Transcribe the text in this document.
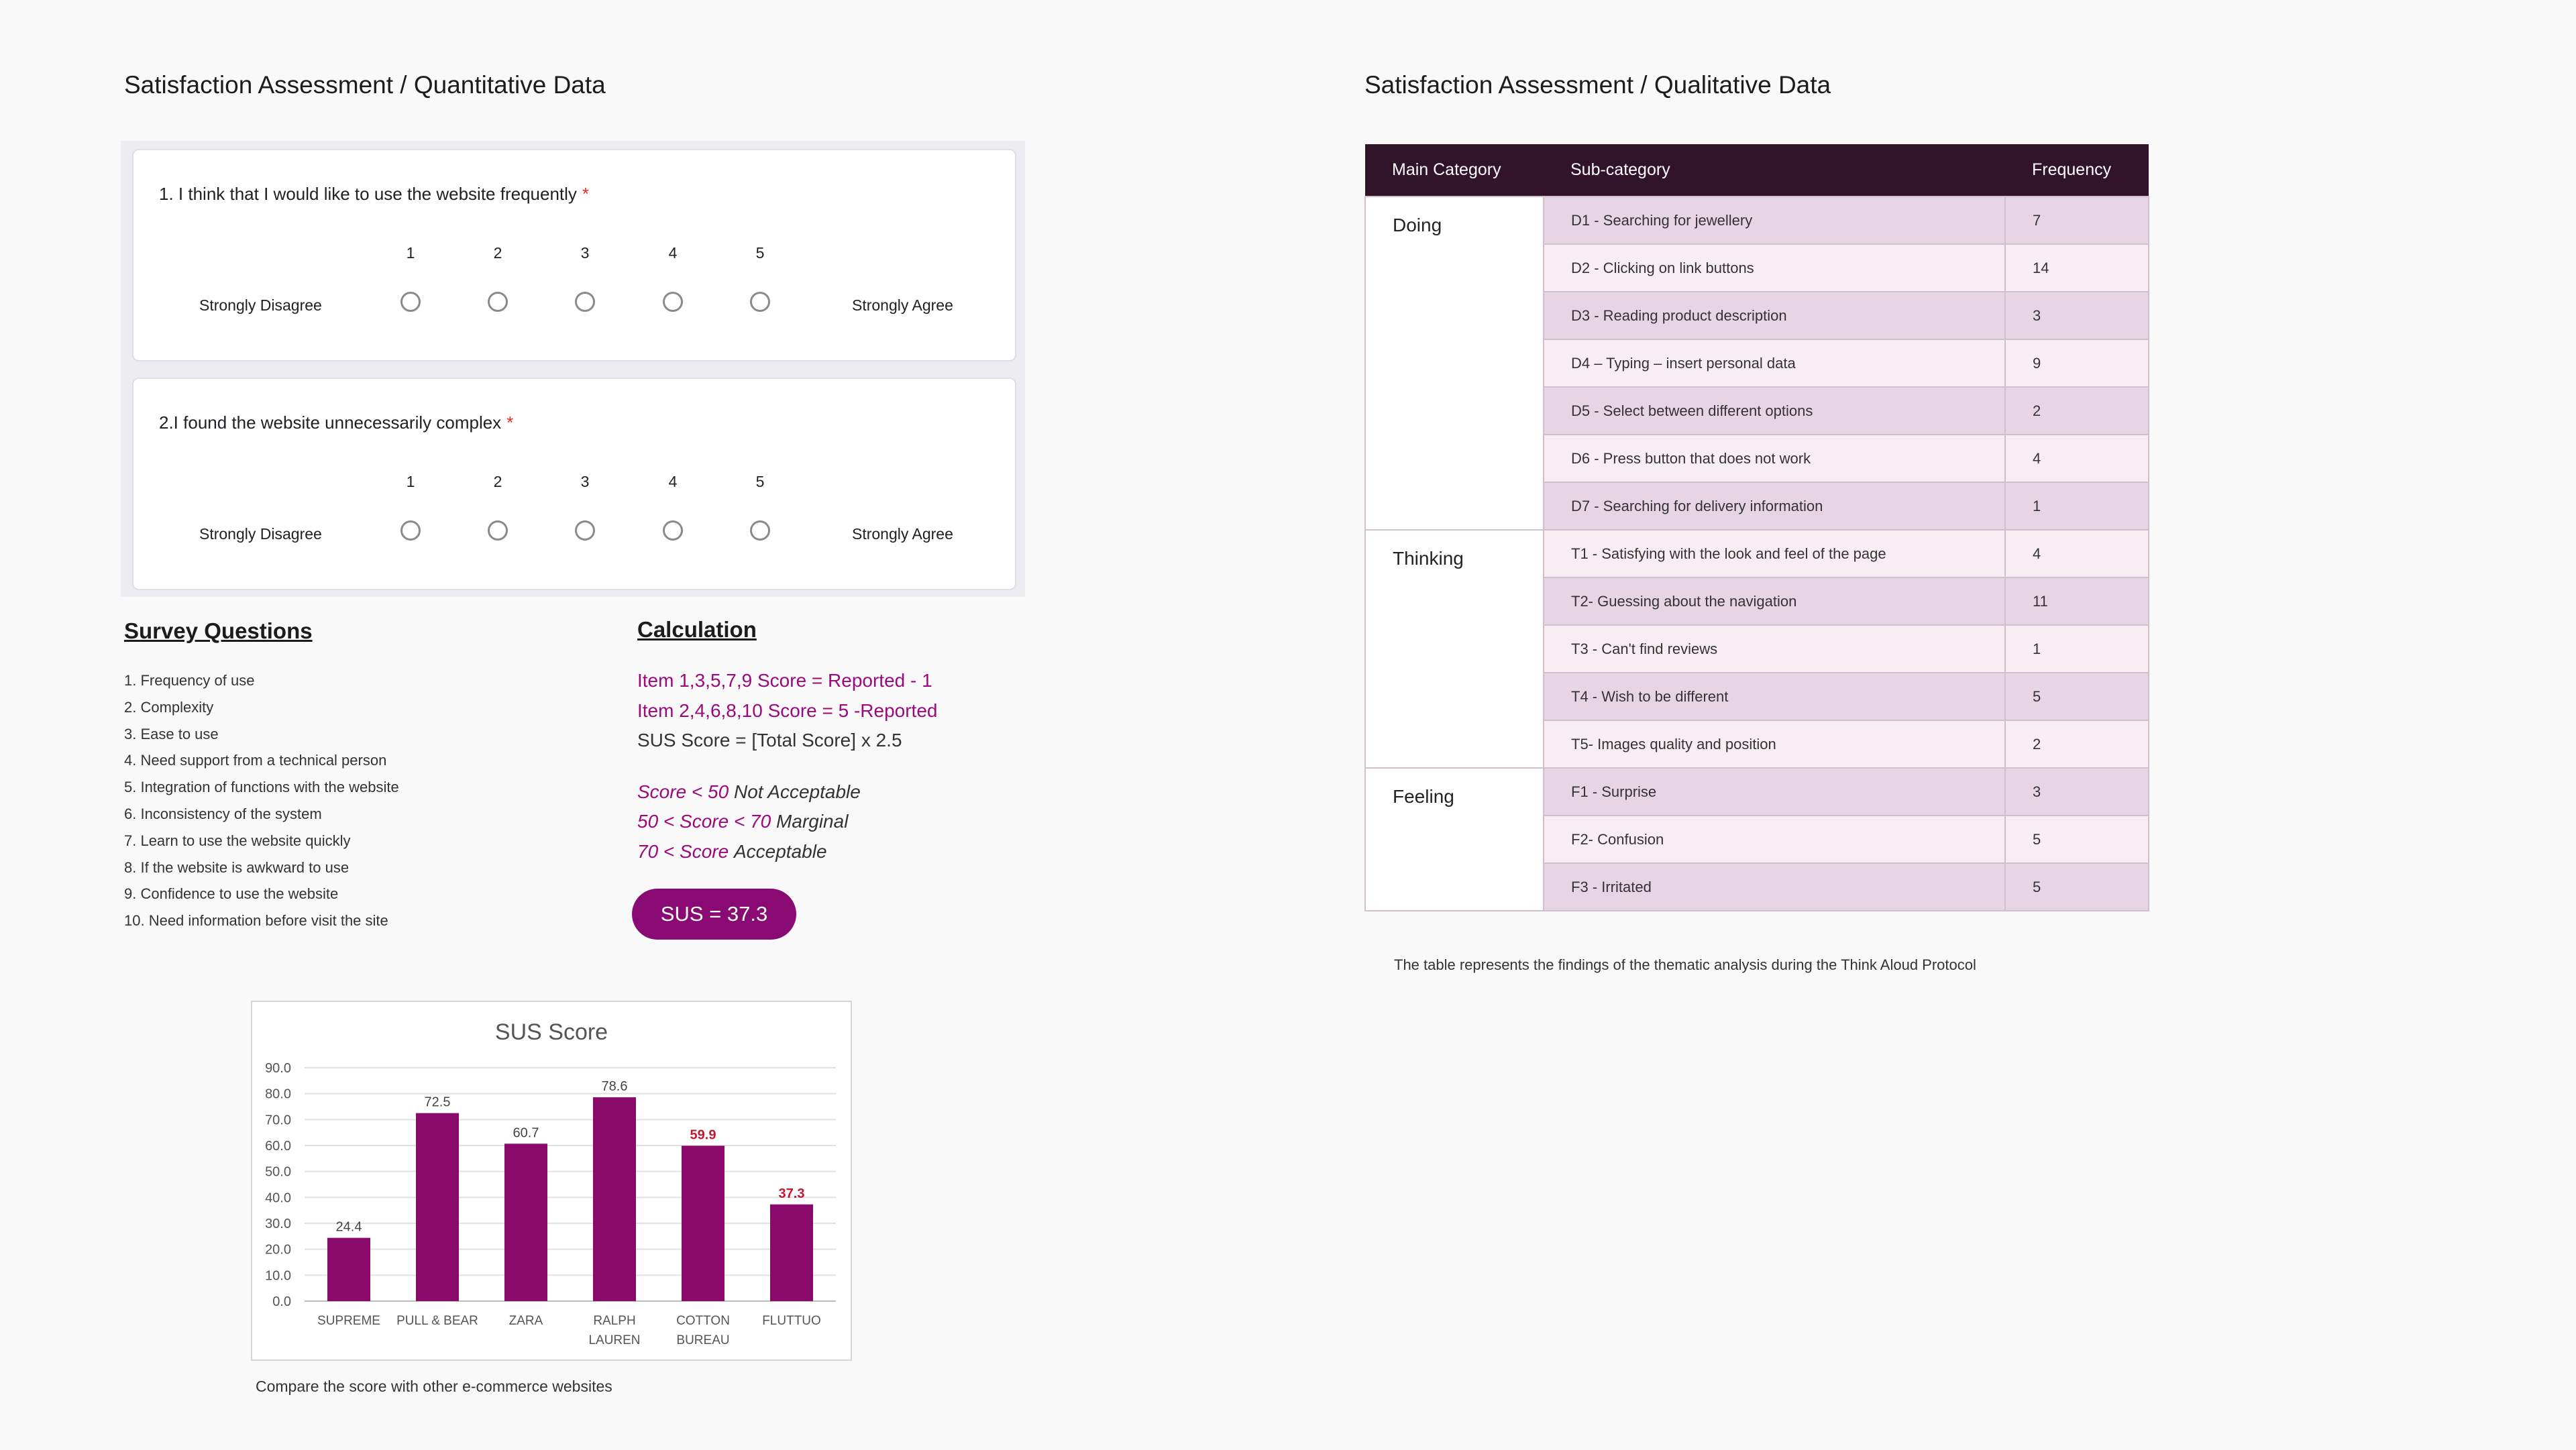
Satisfaction Assessment / Quantitative Data
1. I think that I would like to use the website frequently *
1	2	3	4	5
Strongly Disagree	Strongly Agree
2.I found the website unnecessarily complex *
1	2	3	4	5
Strongly Disagree	Strongly Agree
Survey Questions
1. Frequency of use
2. Complexity
3. Ease to use
4. Need support from a technical person
5. Integration of functions with the website
6. Inconsistency of the system
7. Learn to use the website quickly
8. If the website is awkward to use
9. Confidence to use the website
10. Need information before visit the site
Calculation
Item 1,3,5,7,9 Score = Reported - 1
Item 2,4,6,8,10 Score = 5 -Reported
SUS Score = [Total Score] x 2.5
Score < 50 Not Acceptable
50 < Score < 70 Marginal
70 < Score Acceptable
SUS = 37.3
SUS Score
0.0
10.0
20.0
30.0
40.0
50.0
60.0
70.0
80.0
90.0
24.4
SUPREME
72.5
PULL & BEAR
60.7
ZARA
78.6
RALPH
LAUREN
59.9
COTTON
BUREAU
37.3
FLUTTUO
Compare the score with other e-commerce websites
Satisfaction Assessment / Qualitative Data
Main Category	Sub-category	Frequency
Doing	D1 - Searching for jewellery	7
	D2 - Clicking on link buttons	14
	D3 - Reading product description	3
	D4 – Typing – insert personal data	9
	D5 - Select between different options	2
	D6 - Press button that does not work	4
	D7 - Searching for delivery information	1
Thinking	T1 - Satisfying with the look and feel of the page	4
	T2- Guessing about the navigation	11
	T3 - Can't find reviews	1
	T4 - Wish to be different	5
	T5- Images quality and position	2
Feeling	F1 - Surprise	3
	F2- Confusion	5
	F3 - Irritated	5
The table represents the findings of the thematic analysis during the Think Aloud Protocol
